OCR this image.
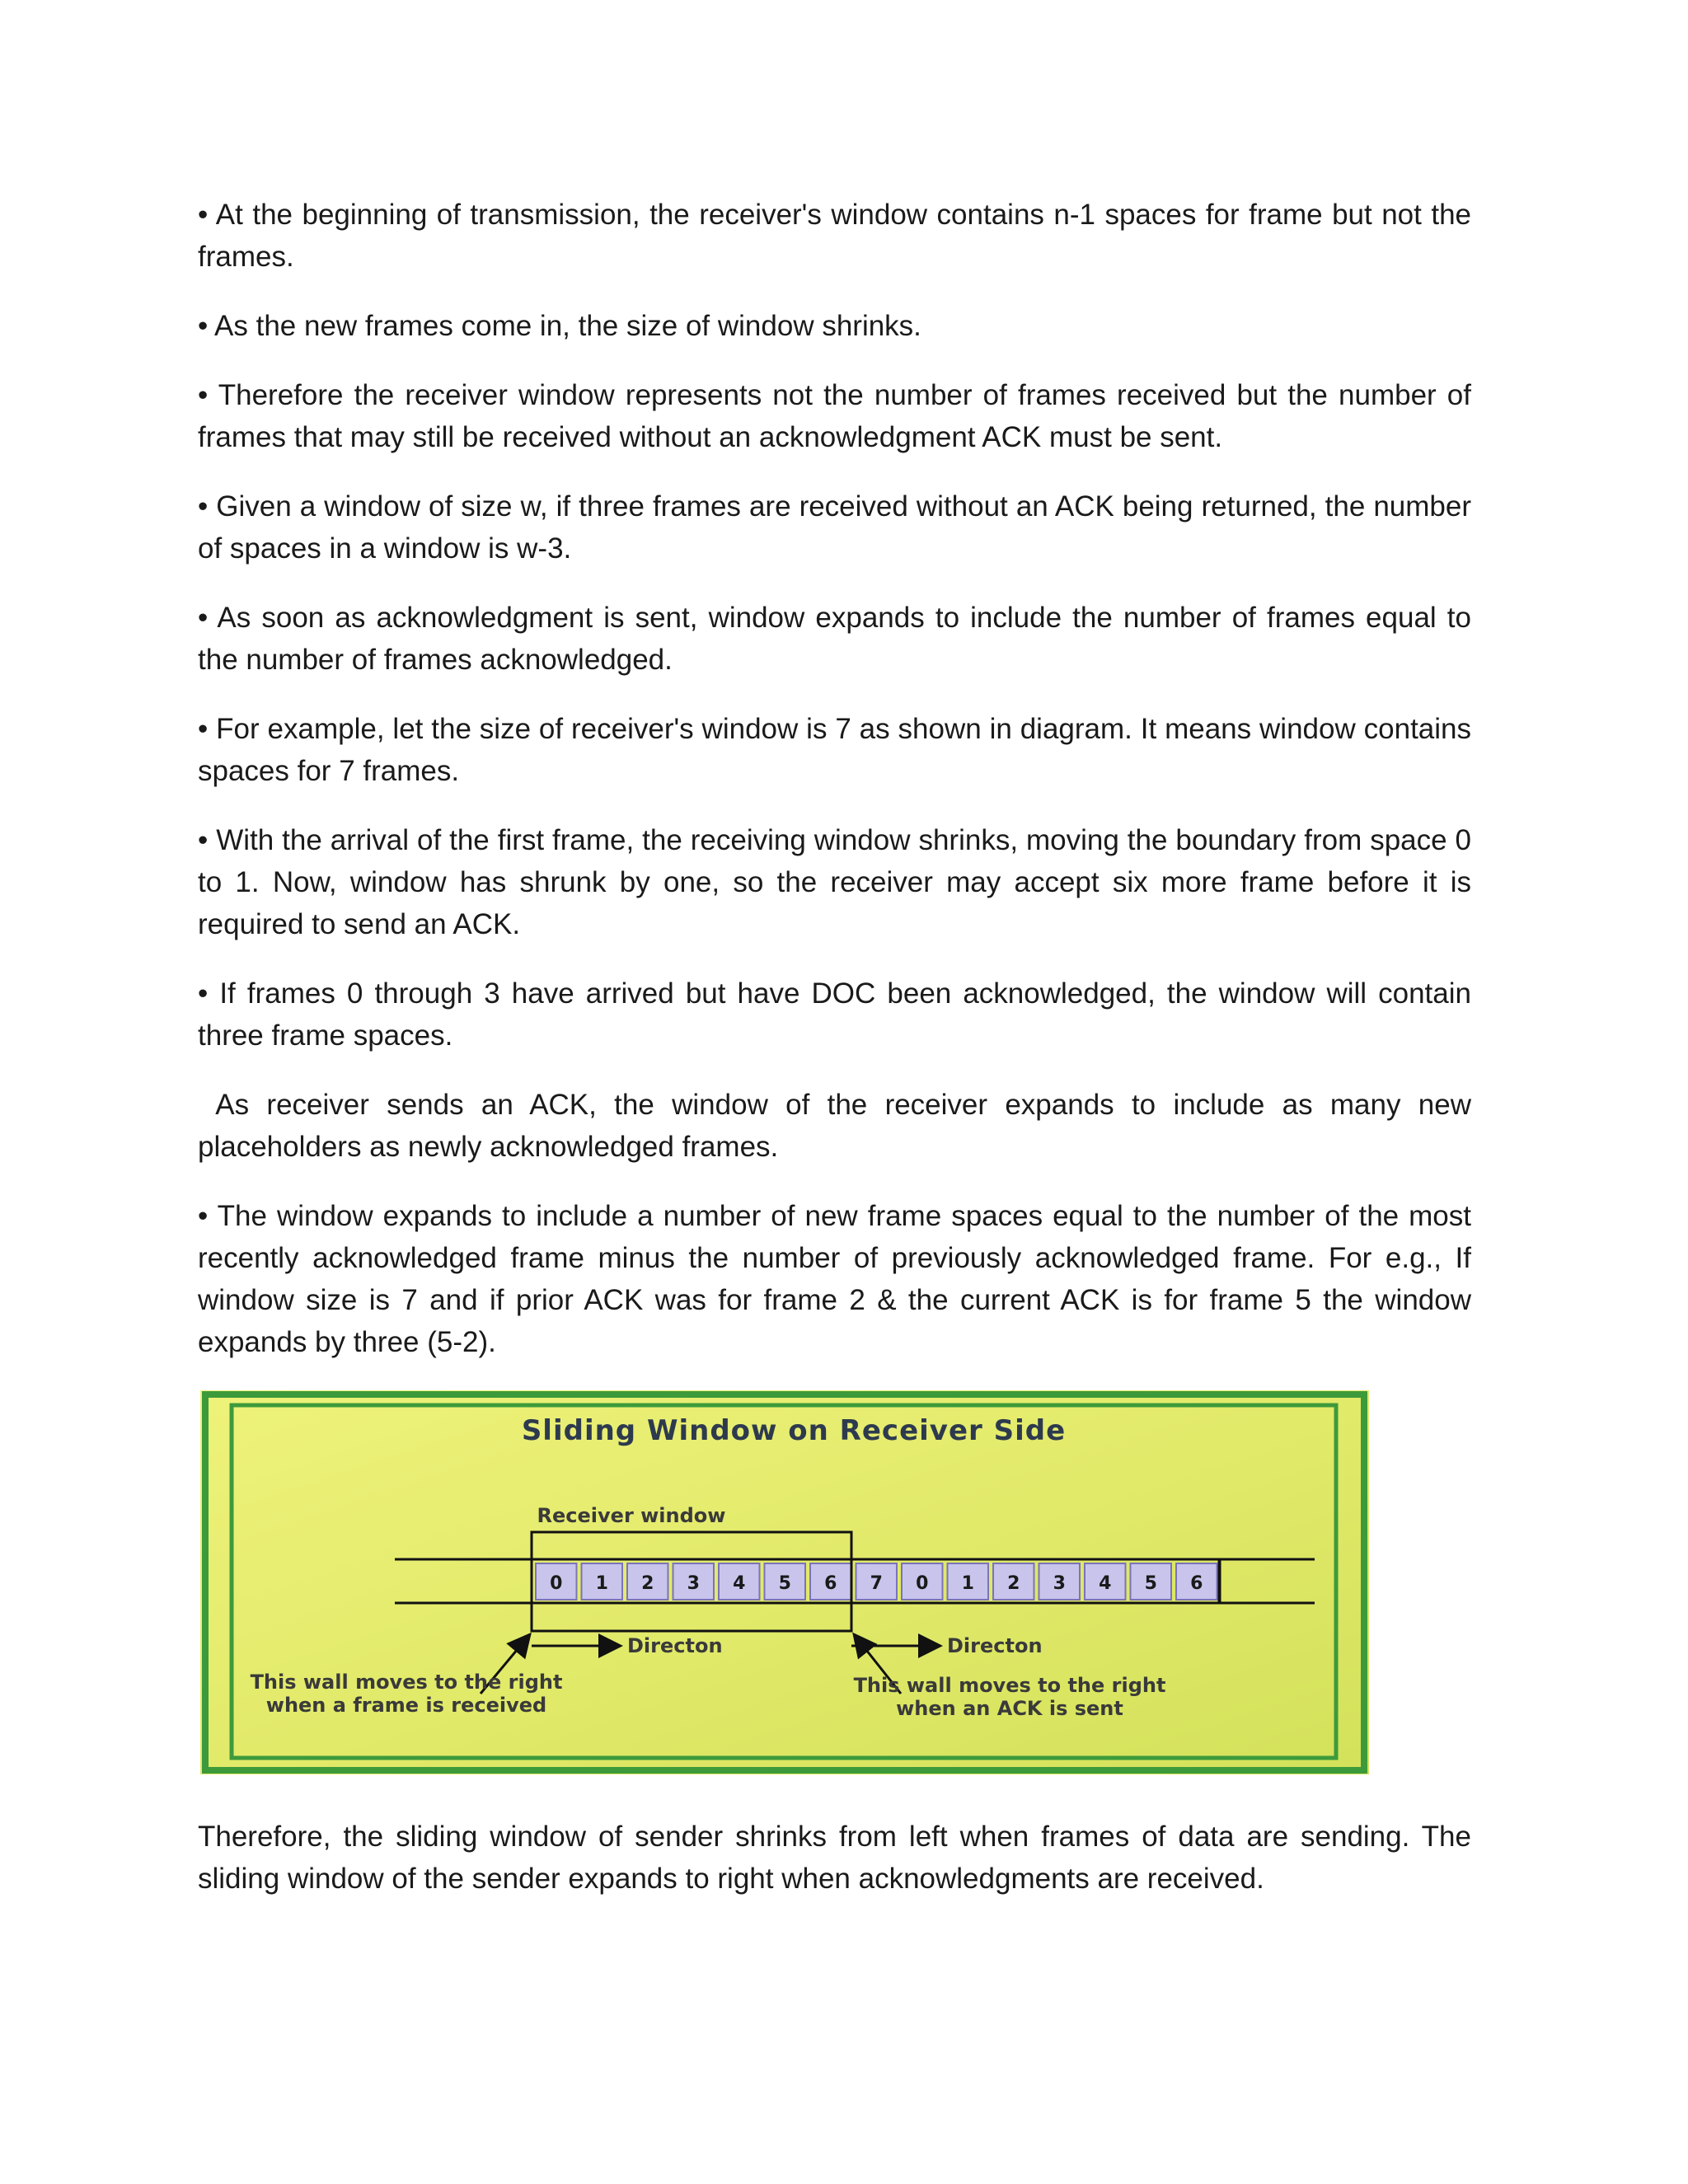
• At the beginning of transmission, the receiver's window contains n-1 spaces for frame but not the frames.

• As the new frames come in, the size of window shrinks.

• Therefore the receiver window represents not the number of frames received but the number of frames that may still be received without an acknowledgment ACK must be sent.

• Given a window of size w, if three frames are received without an ACK being returned, the number of spaces in a window is w-3.

• As soon as acknowledgment is sent, window expands to include the number of frames equal to the number of frames acknowledged.

• For example, let the size of receiver's window is 7 as shown in diagram. It means window contains spaces for 7 frames.

• With the arrival of the first frame, the receiving window shrinks, moving the boundary from space 0 to 1. Now, window has shrunk by one, so the receiver may accept six more frame before it is required to send an ACK.

• If frames 0 through 3 have arrived but have DOC been acknowledged, the window will contain three frame spaces.

As receiver sends an ACK, the window of the receiver expands to include as many new placeholders as newly acknowledged frames.

• The window expands to include a number of new frame spaces equal to the number of the most recently acknowledged frame minus the number of previously acknowledged frame. For e.g., If window size is 7 and if prior ACK was for frame 2 & the current ACK is for frame 5 the window expands by three (5-2).

Sliding Window on Receiver Side
0 1 2 3 4 5 6 7 0 1 2 3 4 5 6
Receiver window
Directon	Directon
This wall moves to the right
when a frame is received
This wall moves to the right
when an ACK is sent

Therefore, the sliding window of sender shrinks from left when frames of data are sending. The sliding window of the sender expands to right when acknowledgments are received.
